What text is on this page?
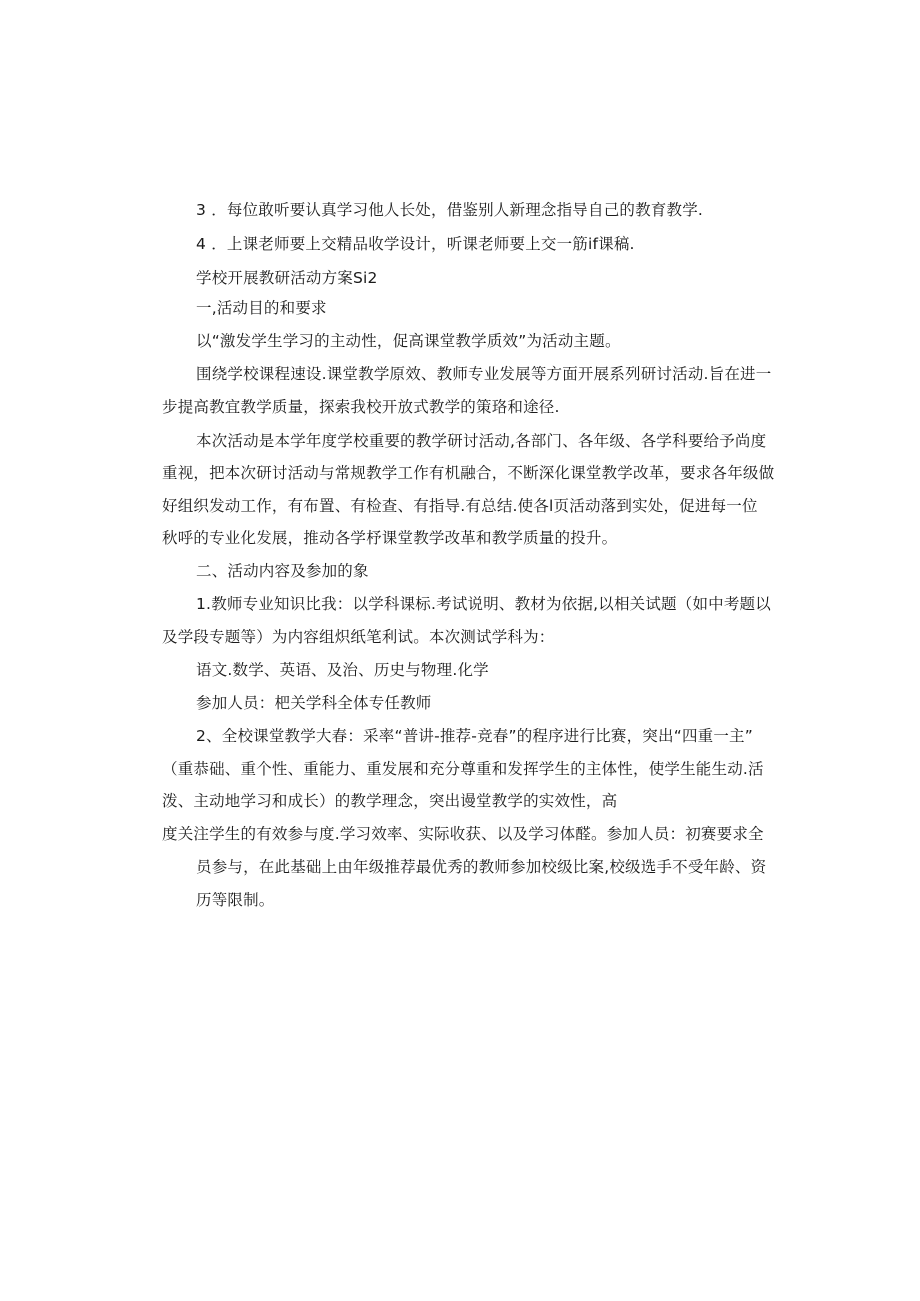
3 ．每位敢听要认真学习他人长处，借鉴别人新理念指导自己的教育教学.
4 ．上课老师要上交精品收学设计，听课老师要上交一筋if课稿.
学校开展教研活动方案Si2
一,活动目的和要求
以“激发学生学习的主动性，促高课堂教学质效”为活动主题。
围绕学校课程速设.课堂教学原效、教师专业发展等方面开展系列研讨活动.旨在进一
步提高教宜教学质量，探索我校开放式教学的策珞和途径.
本次活动是本学年度学校重要的教学研讨活动,各部门、各年级、各学科要给予尚度
重视，把本次研讨活动与常规教学工作有机融合，不断深化课堂教学改革，要求各年级做
好组织发动工作，有布置、有检查、有指导.有总结.使各l页活动落到实处，促进每一位
秋呼的专业化发展，推动各学杼课堂教学改革和教学质量的投升。
二、活动内容及参加的象
1.教师专业知识比我：以学科课标.考试说明、教材为依据,以相关试题（如中考题以
及学段专题等）为内容组炽纸笔利试。本次测试学科为：
语文.数学、英语、及治、历史与物理.化学
参加人员：杷关学科全体专任教师
2、全校课堂教学大春：采率“普讲-推荐-竞春”的程序进行比赛，突出“四重一主”
（重恭础、重个性、重能力、重发展和充分尊重和发挥学生的主体性，使学生能生动.活
泼、主动地学习和成长）的教学理念，突出谩堂教学的实效性，高
度关注学生的有效参与度.学习效率、实际收获、以及学习体醛。参加人员：初赛要求全
员参与，在此基础上由年级推荐最优秀的教师参加校级比案,校级选手不受年龄、资
历等限制。
